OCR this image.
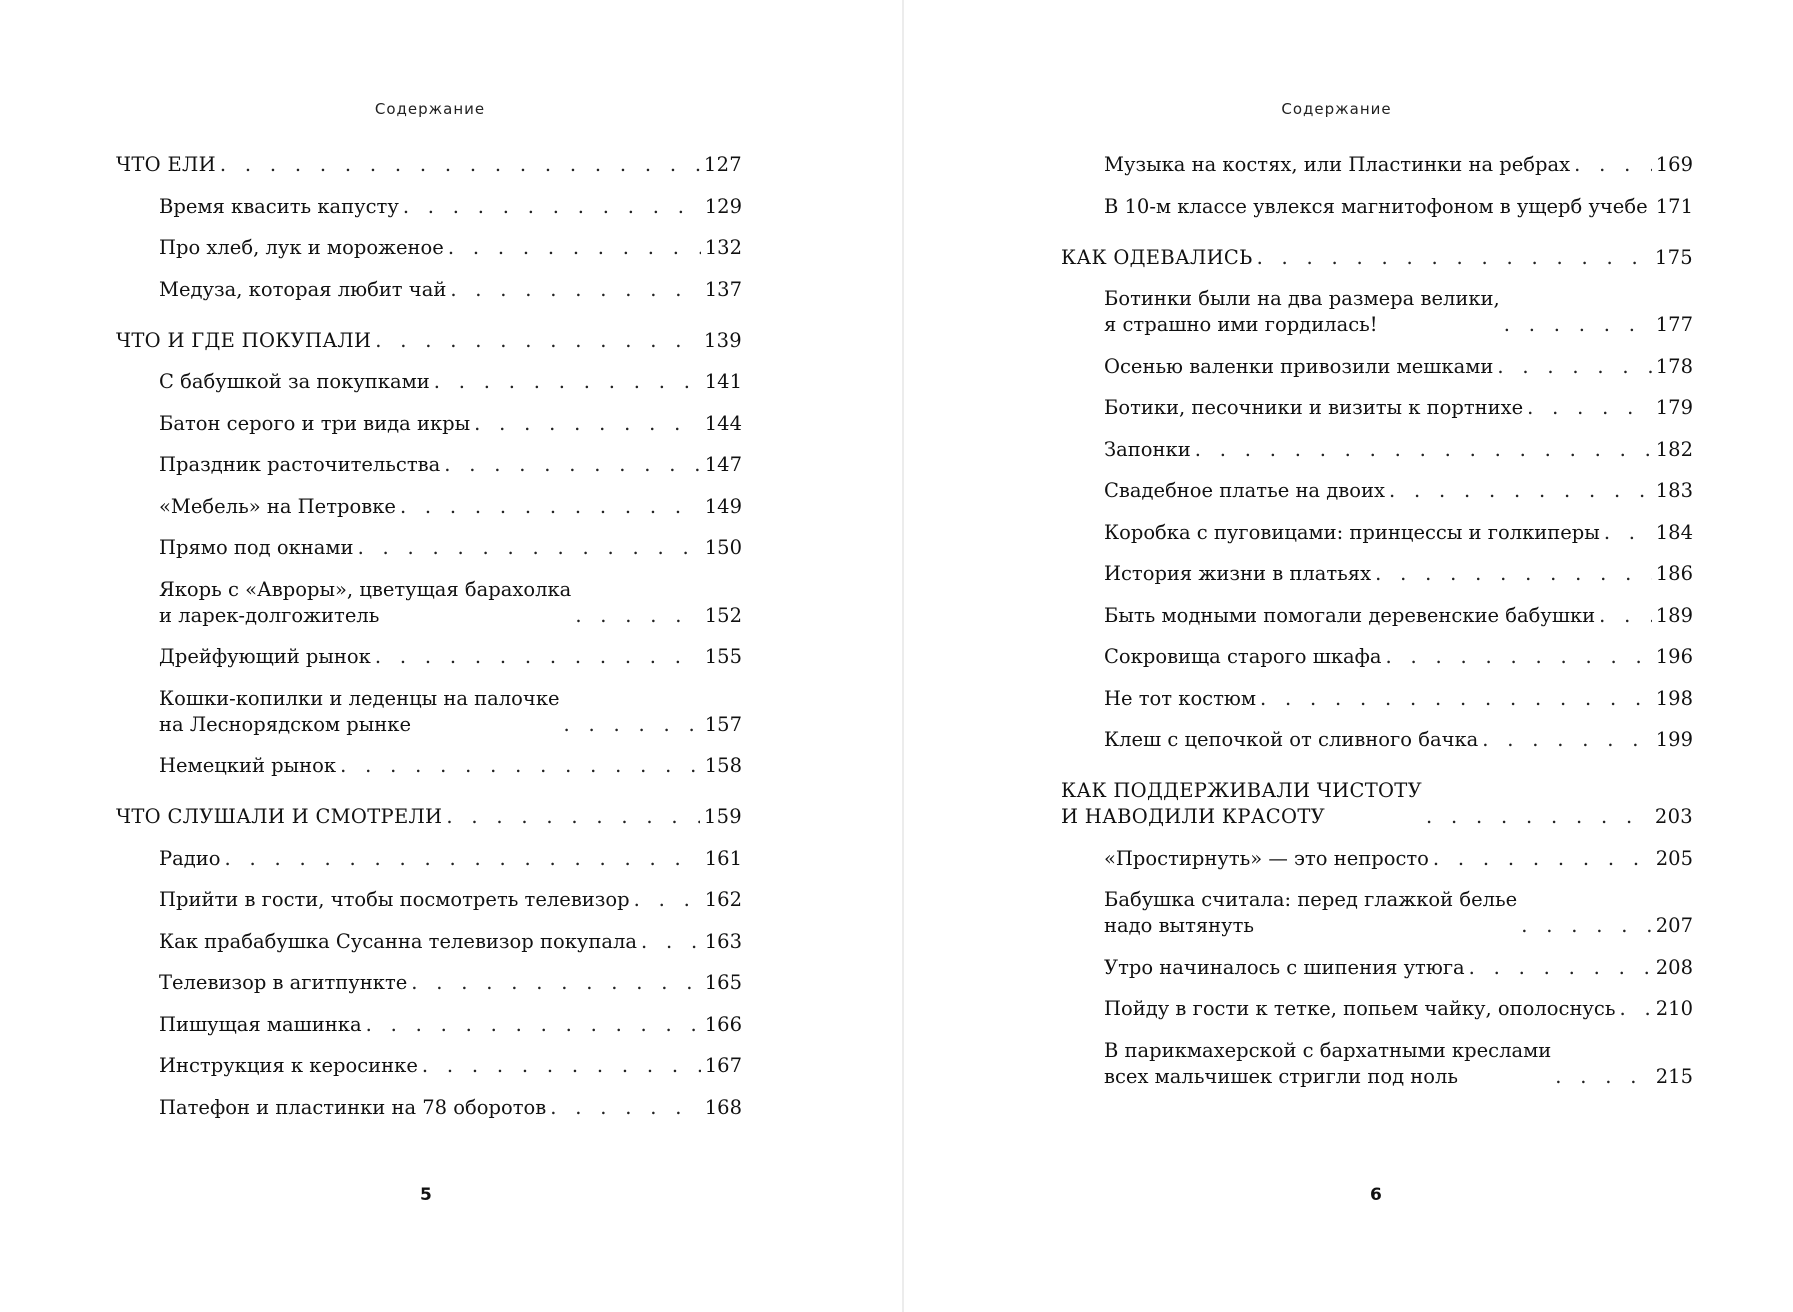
Содержание
ЧТО ЕЛИ . . .	127
Время квасить капусту . . .	129
Про хлеб, лук и мороженое . . .	132
Медуза, которая любит чай . . .	137
ЧТО И ГДЕ ПОКУПАЛИ . . .	139
С бабушкой за покупками . . .	141
Батон серого и три вида икры . . .	144
Праздник расточительства . . .	147
«Мебель» на Петровке . . .	149
Прямо под окнами . . .	150
Якорь с «Авроры», цветущая барахолка
и ларек-долгожитель . . .	152
Дрейфующий рынок . . .	155
Кошки-копилки и леденцы на палочке
на Леснорядском рынке . . .	157
Немецкий рынок . . .	158
ЧТО СЛУШАЛИ И СМОТРЕЛИ . . .	159
Радио . . .	161
Прийти в гости, чтобы посмотреть телевизор . . .	162
Как прабабушка Сусанна телевизор покупала . . .	163
Телевизор в агитпункте . . .	165
Пишущая машинка . . .	166
Инструкция к керосинке . . .	167
Патефон и пластинки на 78 оборотов . . .	168
5
Содержание
Музыка на костях, или Пластинки на ребрах . . .	169
В 10-м классе увлекся магнитофоном в ущерб учебе . . . 171
КАК ОДЕВАЛИСЬ . . .	175
Ботинки были на два размера велики,
я страшно ими гордилась! . . .	177
Осенью валенки привозили мешками . . .	178
Ботики, песочники и визиты к портнихе . . .	179
Запонки . . .	182
Свадебное платье на двоих . . .	183
Коробка с пуговицами: принцессы и голкиперы . . .	184
История жизни в платьях . . .	186
Быть модными помогали деревенские бабушки . . .	189
Сокровища старого шкафа . . .	196
Не тот костюм . . .	198
Клеш с цепочкой от сливного бачка . . .	199
КАК ПОДДЕРЖИВАЛИ ЧИСТОТУ
И НАВОДИЛИ КРАСОТУ . . .	203
«Простирнуть» — это непросто . . .	205
Бабушка считала: перед глажкой белье
надо вытянуть . . .	207
Утро начиналось с шипения утюга . . .	208
Пойду в гости к тетке, попьем чайку, ополоснусь . . . 210
В парикмахерской с бархатными креслами
всех мальчишек стригли под ноль . . .	215
6
